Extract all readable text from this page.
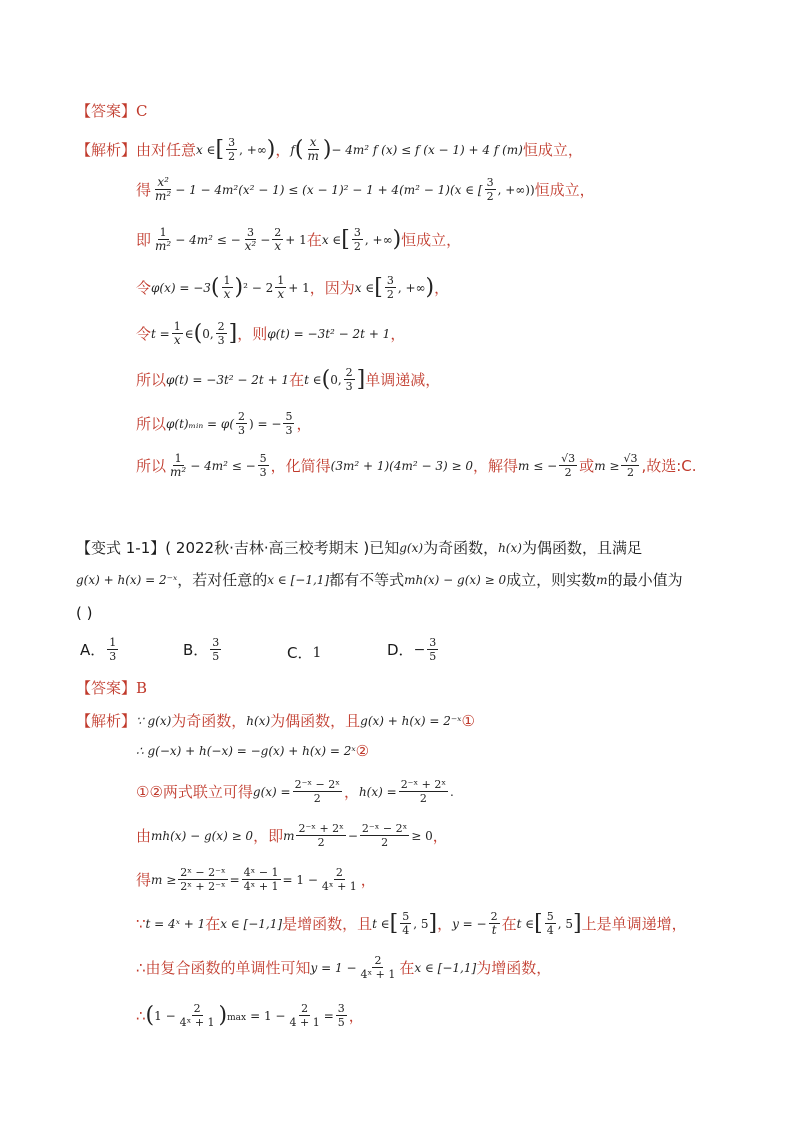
【答案】 C
【解析】 由对任意 x ∈ [ $\frac{3}{2}$ , +∞ ) ， f ( $\frac{x}{m}$ ) − 4m² f (x) ≤ f (x − 1) + 4 f (m) 恒成立，
得 $\frac{\text{x²}}{\text{m²}} - 1 - 4m^2(x^2 - 1) \le (x - 1)^2 - 1 + 4(m^2 - 1)(x$ ∈ [ $\frac{3}{2}$ , +∞)) 恒成立，
即 $\frac{1}{\text{m²}} - 4m^2$ ≤ − $\frac{3}{\text{x²}} - \frac{2}{x} + 1$ 在 x ∈ [ $\frac{3}{2}$ , +∞ ) 恒成立，
令 φ(x) = −3 ( $\frac{1}{x}$ ) $^2 - 2 \frac{1}{x} + 1$ ，因为 x ∈ [ $\frac{3}{2}$ , +∞ ) ，
令 $t = \frac{1}{x}$ ∈ ( 0, $\frac{2}{3}$ ] ，则 φ(t) = −3t² − 2t + 1 ，
所以 φ(t) = −3t² − 2t + 1 在 t ∈ ( 0, $\frac{2}{3}$ ] 单调递减，
所以 φ(t)ₘᵢₙ = $\varphi( \frac{2}{3}$ ) = − $\frac{5}{3}$ ，
所以 $\frac{1}{\text{m²}} - 4m^2$ ≤ − $\frac{5}{3}$ ，化简得 (3m² + 1)(4m² − 3) ≥ 0 ，解得 m ≤ − $\frac{√3}{2}$ 或 $m \ge \frac{√3}{2}$ ,故选:C.
【变式 1-1】 ( 2022秋·吉林·高三校考期末 ) 已知 g(x) 为奇函数， h(x) 为偶函数，且满足
g(x) + h(x) = 2⁻ˣ ，若对任意的 x ∈ [−1,1] 都有不等式 mh(x) − g(x) ≥ 0 成立，则实数 m 的最小值为
( )
A． $\frac{1}{3}$	B． $\frac{3}{5}$	C． 1	D． − $\frac{3}{5}$
【答案】 B
【解析】 ∵ g(x) 为奇函数， h(x) 为偶函数，且 g(x) + h(x) = 2⁻ˣ ①
∴ g(−x) + h(−x) = −g(x) + h(x) = 2ˣ ②
①②两式联立可得 $g(x) = \frac{\text{2⁻ˣ − 2ˣ}}{2}$ ， $h(x) = \frac{\text{2⁻ˣ + 2ˣ}}{2}$ .
由 mh(x) − g(x) ≥ 0 ，即 m $\frac{\text{2⁻ˣ + 2ˣ}}{2} - \frac{\text{2⁻ˣ − 2ˣ}}{2} \ge 0$ ，
得 $m \ge \frac{\text{2ˣ − 2⁻ˣ}}{\text{2ˣ + 2⁻ˣ}} = \frac{\text{4ˣ − 1}}{\text{4ˣ + 1}} = 1 - \frac{2}{\text{4ˣ + 1}}$ ，
∵ t = 4ˣ + 1 在 x ∈ [−1,1] 是增函数，且 t ∈ [ $\frac{5}{4}$ , 5 ] ， y = − $\frac{2}{t}$ 在 t ∈ [ $\frac{5}{4}$ , 5 ] 上是单调递增，
∴由复合函数的单调性可知 $y = 1 - \frac{2}{\text{4ˣ + 1}}$ 在 x ∈ [−1,1] 为增函数，
∴ ( $1 - \frac{2}{\text{4ˣ + 1}}$ ) $\max = 1 - \frac{2}{4 + 1} = \frac{3}{5}$ ，
